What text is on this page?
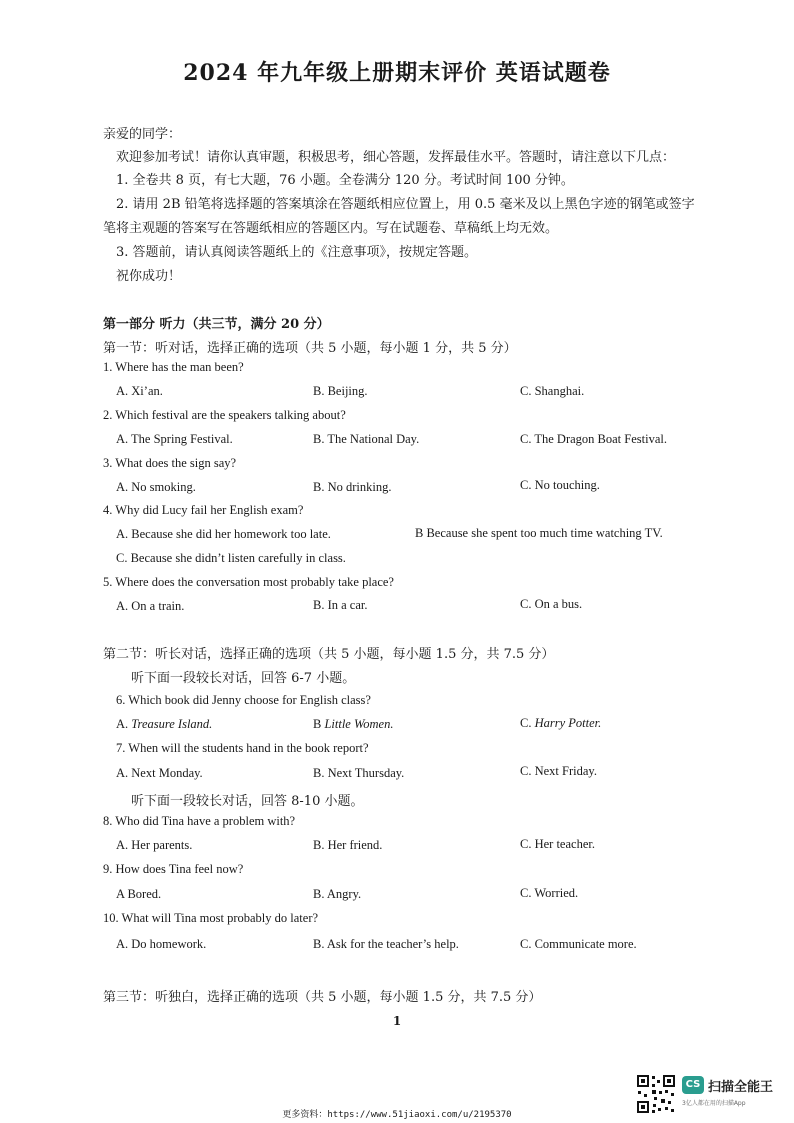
2024 年九年级上册期末评价 英语试题卷
亲爱的同学：
欢迎参加考试！请你认真审题，积极思考，细心答题，发挥最佳水平。答题时，请注意以下几点：
1. 全卷共 8 页，有七大题，76 小题。全卷满分 120 分。考试时间 100 分钟。
2. 请用 2B 铅笔将选择题的答案填涂在答题纸相应位置上，用 0.5 毫米及以上黑色字迹的钢笔或签字
笔将主观题的答案写在答题纸相应的答题区内。写在试题卷、草稿纸上均无效。
3. 答题前，请认真阅读答题纸上的《注意事项》，按规定答题。
祝你成功！
第一部分 听力（共三节，满分 20 分）
第一节：听对话，选择正确的选项（共 5 小题，每小题 1 分，共 5 分）
1. Where has the man been?
A. Xi’an.	B. Beijing.	C. Shanghai.
2. Which festival are the speakers talking about?
A. The Spring Festival.	B. The National Day.	C. The Dragon Boat Festival.
3. What does the sign say?
A. No smoking.	B. No drinking.	C. No touching.
4. Why did Lucy fail her English exam?
A. Because she did her homework too late.	B Because she spent too much time watching TV.
C. Because she didn’t listen carefully in class.
5. Where does the conversation most probably take place?
A. On a train.	B. In a car.	C. On a bus.
第二节：听长对话，选择正确的选项（共 5 小题，每小题 1.5 分，共 7.5 分）
听下面一段较长对话，回答 6-7 小题。
6. Which book did Jenny choose for English class?
A. Treasure Island.	B Little Women.	C. Harry Potter.
7. When will the students hand in the book report?
A. Next Monday.	B. Next Thursday.	C. Next Friday.
听下面一段较长对话，回答 8-10 小题。
8. Who did Tina have a problem with?
A. Her parents.	B. Her friend.	C. Her teacher.
9. How does Tina feel now?
A Bored.	B. Angry.	C. Worried.
10. What will Tina most probably do later?
A. Do homework.	B. Ask for the teacher’s help.	C. Communicate more.
第三节：听独白，选择正确的选项（共 5 小题，每小题 1.5 分，共 7.5 分）
1
CS 扫描全能王
3亿人都在用的扫描App
更多资料：https://www.51jiaoxi.com/u/2195370
